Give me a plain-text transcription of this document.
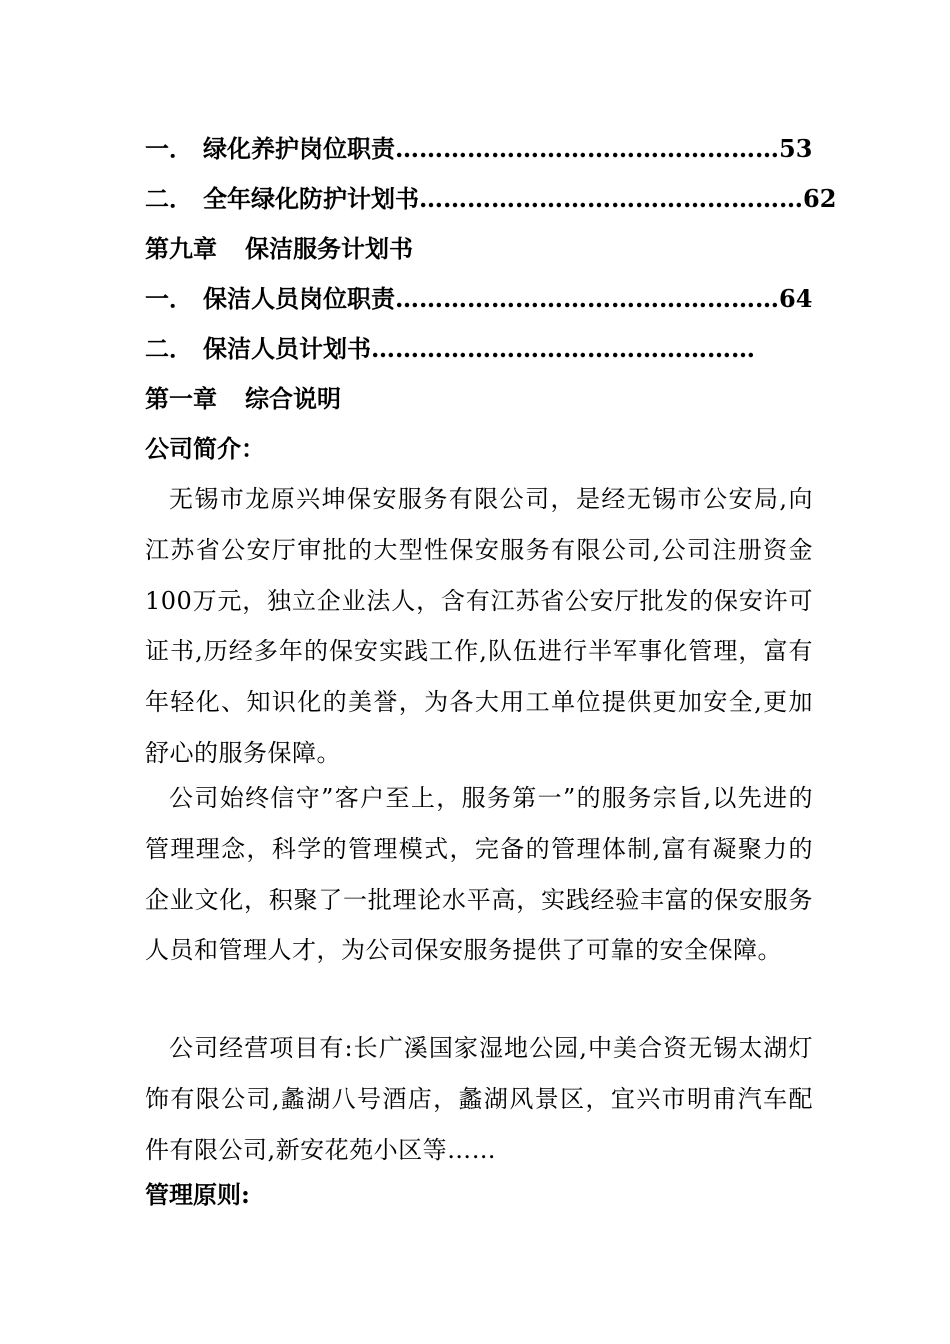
一． 绿化养护岗位职责…………………………………………53
二． 全年绿化防护计划书…………………………………………62
第九章 保洁服务计划书
一． 保洁人员岗位职责…………………………………………64
二． 保洁人员计划书…………………………………………
第一章 综合说明
公司简介：
无锡市龙原兴坤保安服务有限公司，是经无锡市公安局,向江苏省公安厅审批的大型性保安服务有限公司,公司注册资金100万元，独立企业法人，含有江苏省公安厅批发的保安许可证书,历经多年的保安实践工作,队伍进行半军事化管理，富有年轻化、知识化的美誉，为各大用工单位提供更加安全,更加舒心的服务保障。
公司始终信守”客户至上，服务第一”的服务宗旨,以先进的管理理念，科学的管理模式，完备的管理体制,富有凝聚力的企业文化，积聚了一批理论水平高，实践经验丰富的保安服务人员和管理人才，为公司保安服务提供了可靠的安全保障。
公司经营项目有:长广溪国家湿地公园,中美合资无锡太湖灯饰有限公司,蠡湖八号酒店，蠡湖风景区，宜兴市明甫汽车配件有限公司,新安花苑小区等……
管理原则:
